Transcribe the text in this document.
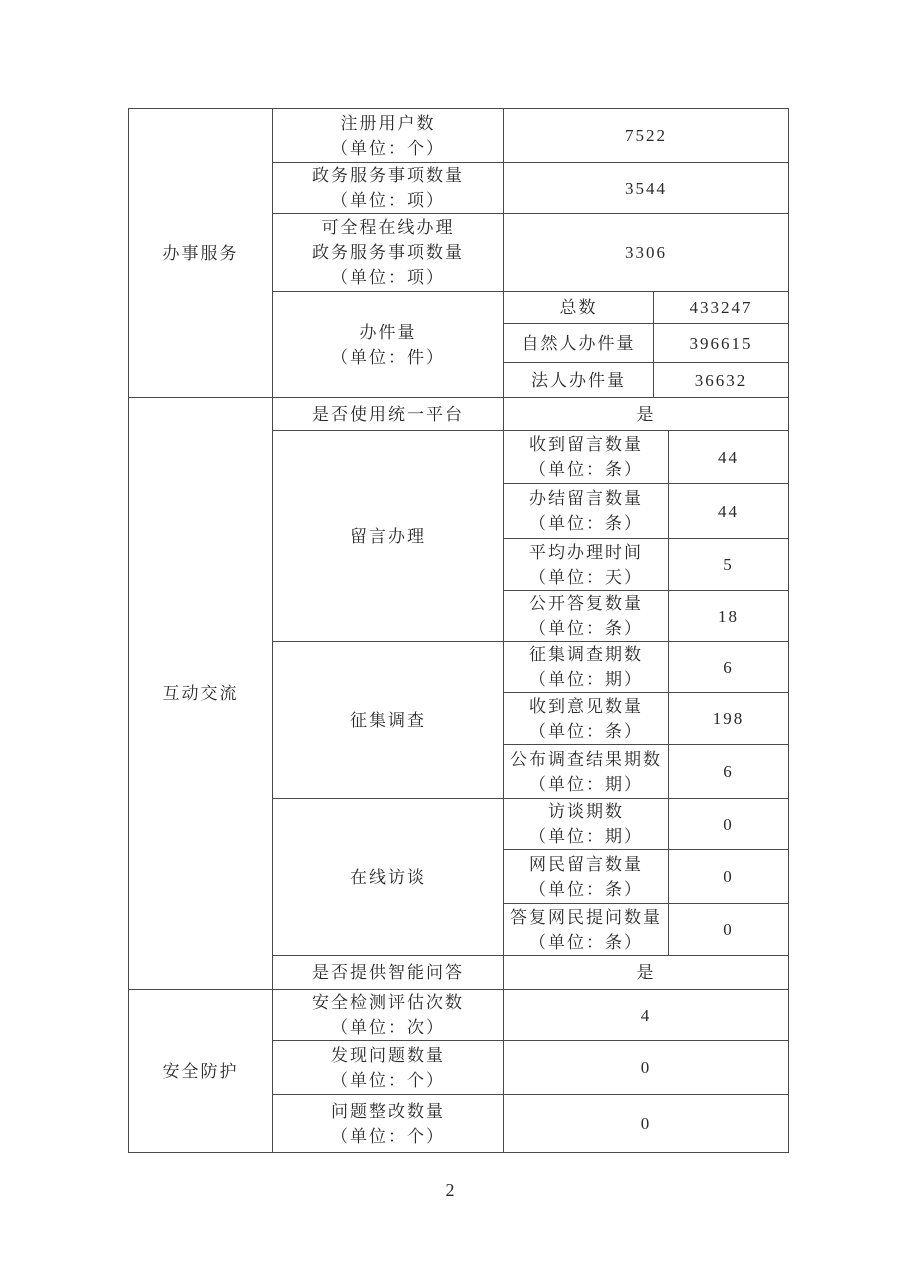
办事服务	注册用户数
（单位：个）	7522		

	政务服务事项数量
（单位：项）	3544		

	可全程在线办理
政务服务事项数量
（单位：项）	3306		

	办件量
（单位：件）	总数	433247	
		自然人办件量	396615	
		法人办件量	36632	

互动交流	是否使用统一平台	是		

	留言办理	收到留言数量
（单位：条）		44

		办结留言数量
（单位：条）		44

		平均办理时间
（单位：天）		5

		公开答复数量
（单位：条）		18

	征集调查	征集调查期数
（单位：期）		6

		收到意见数量
（单位：条）		198

		公布调查结果期数
（单位：期）		6

	在线访谈	访谈期数
（单位：期）		0

		网民留言数量
（单位：条）		0

		答复网民提问数量
（单位：条）		0
	是否提供智能问答	是		

安全防护	安全检测评估次数
（单位：次）	4		

	发现问题数量
（单位：个）	0		

	问题整改数量
（单位：个）	0		
2
